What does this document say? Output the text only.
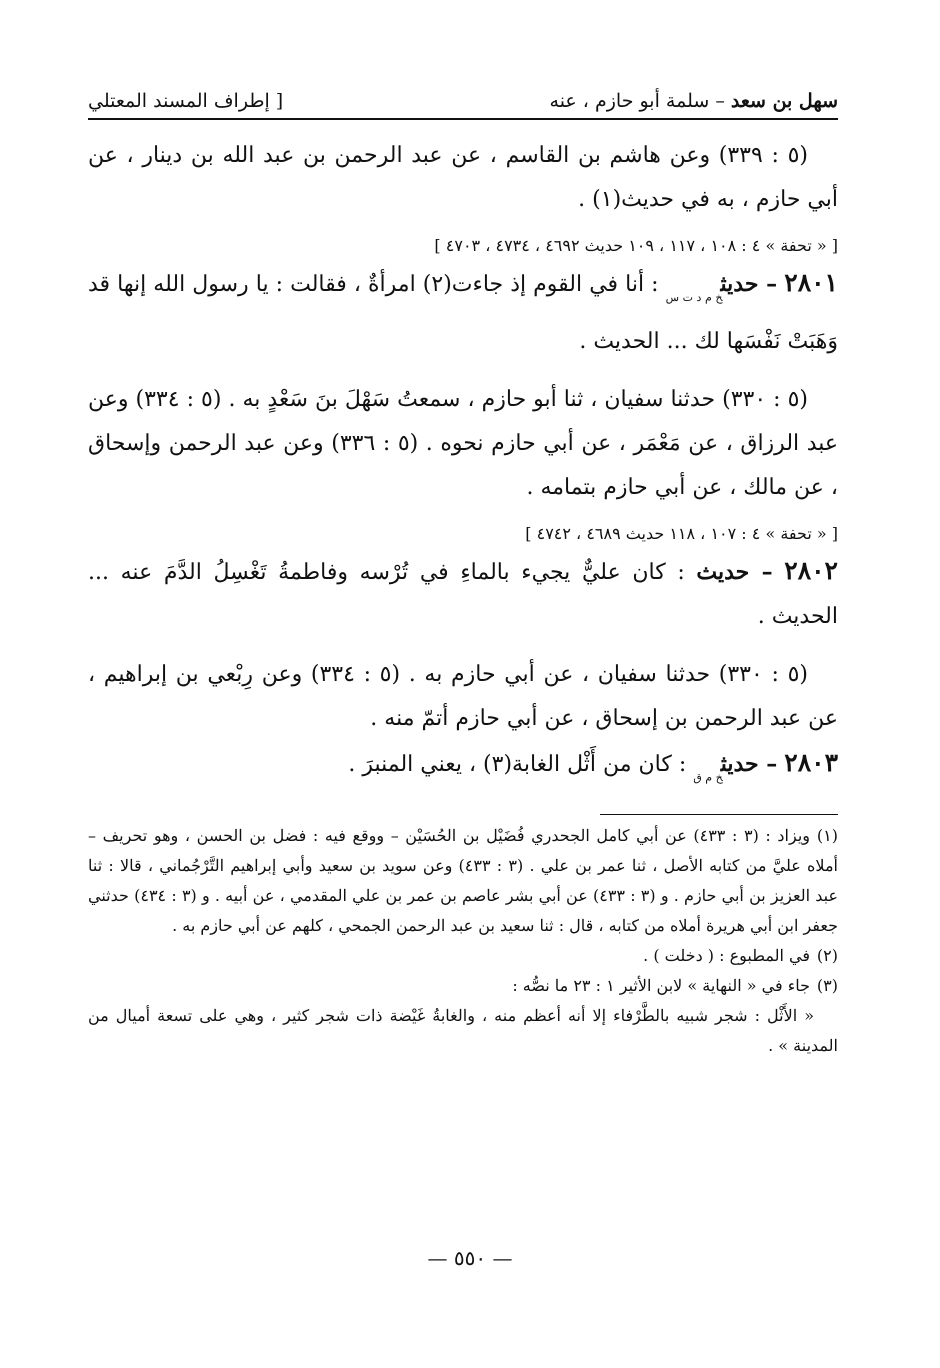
سهل بن سعد – سلمة أبو حازم ، عنه
[ إطراف المسند المعتلي

(٥ : ٣٣٩) وعن هاشم بن القاسم ، عن عبد الرحمن بن عبد الله بن دينار ، عن أبي حازم ، به في حديث(١) .

[ « تحفة » ٤ : ١٠٨ ، ١١٧ ، ١٠٩ حديث ٤٦٩٢ ، ٤٧٣٤ ، ٤٧٠٣ ]

٢٨٠١ – حديث$_{خ م د ت س}$ : أنا في القوم إذ جاءت(٢) امرأةٌ ، فقالت : يا رسول الله إنها قد وَهَبَتْ نَفْسَها لك ... الحديث .

(٥ : ٣٣٠) حدثنا سفيان ، ثنا أبو حازم ، سمعتُ سَهْلَ بنَ سَعْدٍ به . (٥ : ٣٣٤) وعن عبد الرزاق ، عن مَعْمَر ، عن أبي حازم نحوه . (٥ : ٣٣٦) وعن عبد الرحمن وإسحاق ، عن مالك ، عن أبي حازم بتمامه .

[ « تحفة » ٤ : ١٠٧ ، ١١٨ حديث ٤٦٨٩ ، ٤٧٤٢ ]

٢٨٠٢ – حديث : كان عليٌّ يجيء بالماءِ في تُرْسه وفاطمةُ تَغْسِلُ الدَّمَ عنه ... الحديث .

(٥ : ٣٣٠) حدثنا سفيان ، عن أبي حازم به . (٥ : ٣٣٤) وعن رِبْعي بن إبراهيم ، عن عبد الرحمن بن إسحاق ، عن أبي حازم أتمّ منه .

٢٨٠٣ – حديث$_{خ م ق}$ : كان من أَثْل الغابة(٣) ، يعني المنبرَ .

(١)ويزاد : (٣ : ٤٣٣) عن أبي كامل الجحدري فُضَيْل بن الحُسَيْن – ووقع فيه : فضل بن الحسن ، وهو تحريف – أملاه عليَّ من كتابه الأصل ، ثنا عمر بن علي . (٣ : ٤٣٣) وعن سويد بن سعيد وأبي إبراهيم التَّرْجُماني ، قالا : ثنا عبد العزيز بن أبي حازم . و (٣ : ٤٣٣) عن أبي بشر عاصم بن عمر بن علي المقدمي ، عن أبيه . و (٣ : ٤٣٤) حدثني جعفر ابن أبي هريرة أملاه من كتابه ، قال : ثنا سعيد بن عبد الرحمن الجمحي ، كلهم عن أبي حازم به .

(٢)في المطبوع : ( دخلت ) .

(٣)جاء في « النهاية » لابن الأثير ١ : ٢٣ ما نصُّه :

« الأَثْل : شجر شبيه بالطَّرْفاء إلا أنه أعظم منه ، والغابةُ غَيْضة ذات شجر كثير ، وهي على تسعة أميال من المدينة » .

— ٥٥٠ —
